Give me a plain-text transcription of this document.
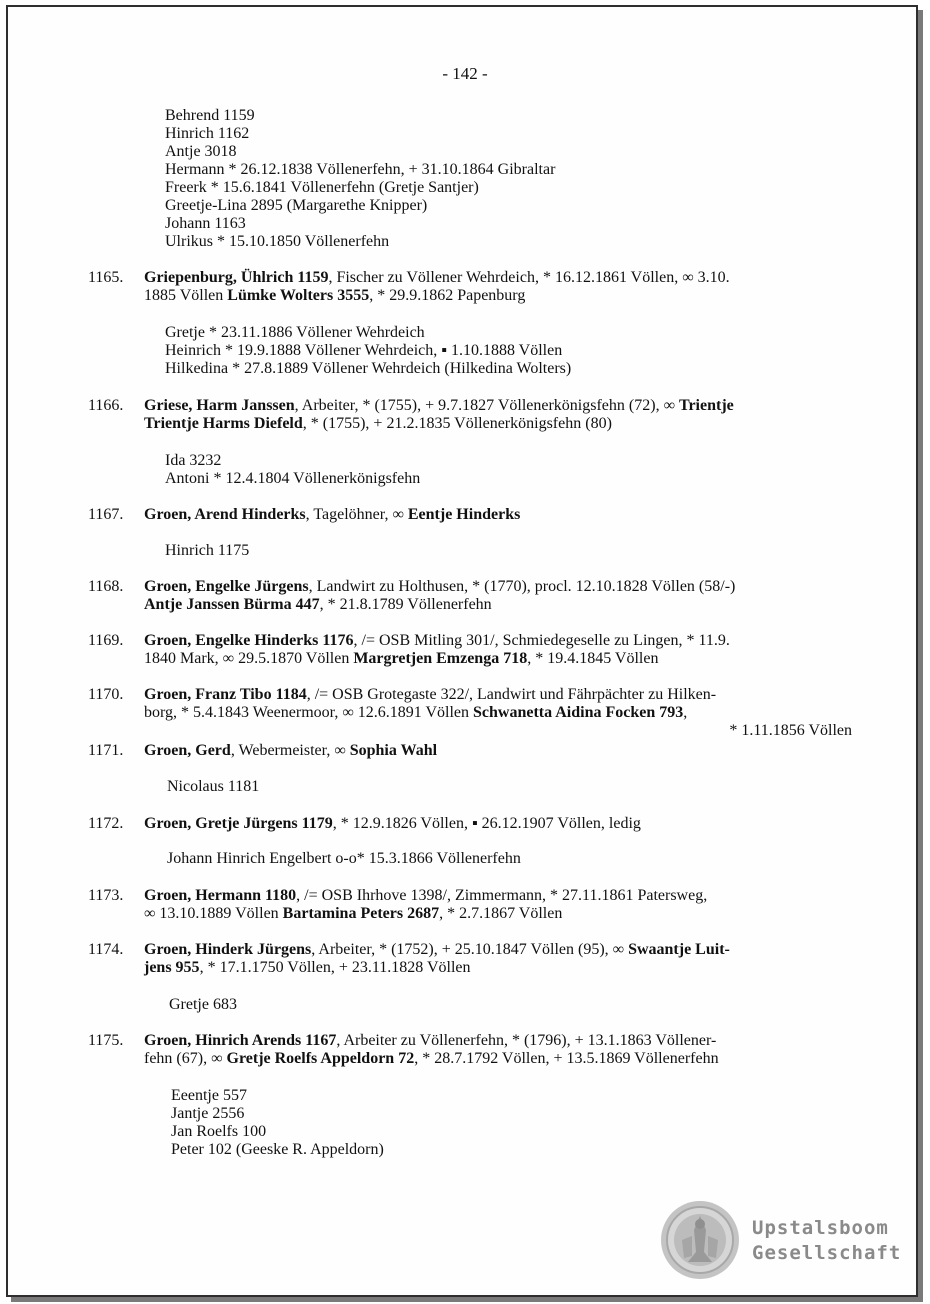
- 142 -
Behrend 1159
Hinrich 1162
Antje 3018
Hermann * 26.12.1838 Völlenerfehn, + 31.10.1864 Gibraltar
Freerk * 15.6.1841 Völlenerfehn (Gretje Santjer)
Greetje-Lina 2895 (Margarethe Knipper)
Johann 1163
Ulrikus * 15.10.1850 Völlenerfehn
1165.	Griepenburg, Ühlrich 1159, Fischer zu Völlener Wehrdeich, * 16.12.1861 Völlen, ∞ 3.10.
1885 Völlen Lümke Wolters 3555, * 29.9.1862 Papenburg
Gretje * 23.11.1886 Völlener Wehrdeich
Heinrich * 19.9.1888 Völlener Wehrdeich, ▪ 1.10.1888 Völlen
Hilkedina * 27.8.1889 Völlener Wehrdeich (Hilkedina Wolters)
1166.	Griese, Harm Janssen, Arbeiter, * (1755), + 9.7.1827 Völlenerkönigsfehn (72), ∞ Trientje
Trientje Harms Diefeld, * (1755), + 21.2.1835 Völlenerkönigsfehn (80)
Ida 3232
Antoni * 12.4.1804 Völlenerkönigsfehn
1167.	Groen, Arend Hinderks, Tagelöhner, ∞ Eentje Hinderks
Hinrich 1175
1168.	Groen, Engelke Jürgens, Landwirt zu Holthusen, * (1770), procl. 12.10.1828 Völlen (58/-)
Antje Janssen Bürma 447, * 21.8.1789 Völlenerfehn
1169.	Groen, Engelke Hinderks 1176, /= OSB Mitling 301/, Schmiedegeselle zu Lingen, * 11.9.
1840 Mark, ∞ 29.5.1870 Völlen Margretjen Emzenga 718, * 19.4.1845 Völlen
1170.	Groen, Franz Tibo 1184, /= OSB Grotegaste 322/, Landwirt und Fährpächter zu Hilken-
borg, * 5.4.1843 Weenermoor, ∞ 12.6.1891 Völlen Schwanetta Aidina Focken 793,
* 1.11.1856 Völlen
1171.	Groen, Gerd, Webermeister, ∞ Sophia Wahl
Nicolaus 1181
1172.	Groen, Gretje Jürgens 1179, * 12.9.1826 Völlen, ▪ 26.12.1907 Völlen, ledig
Johann Hinrich Engelbert o-o* 15.3.1866 Völlenerfehn
1173.	Groen, Hermann 1180, /= OSB Ihrhove 1398/, Zimmermann, * 27.11.1861 Patersweg,
∞ 13.10.1889 Völlen Bartamina Peters 2687, * 2.7.1867 Völlen
1174.	Groen, Hinderk Jürgens, Arbeiter, * (1752), + 25.10.1847 Völlen (95), ∞ Swaantje Luit-
jens 955, * 17.1.1750 Völlen, + 23.11.1828 Völlen
Gretje 683
1175.	Groen, Hinrich Arends 1167, Arbeiter zu Völlenerfehn, * (1796), + 13.1.1863 Völlener-
fehn (67), ∞ Gretje Roelfs Appeldorn 72, * 28.7.1792 Völlen, + 13.5.1869 Völlenerfehn
Eeentje 557
Jantje 2556
Jan Roelfs 100
Peter 102 (Geeske R. Appeldorn)
Upstalsboom
Gesellschaft
